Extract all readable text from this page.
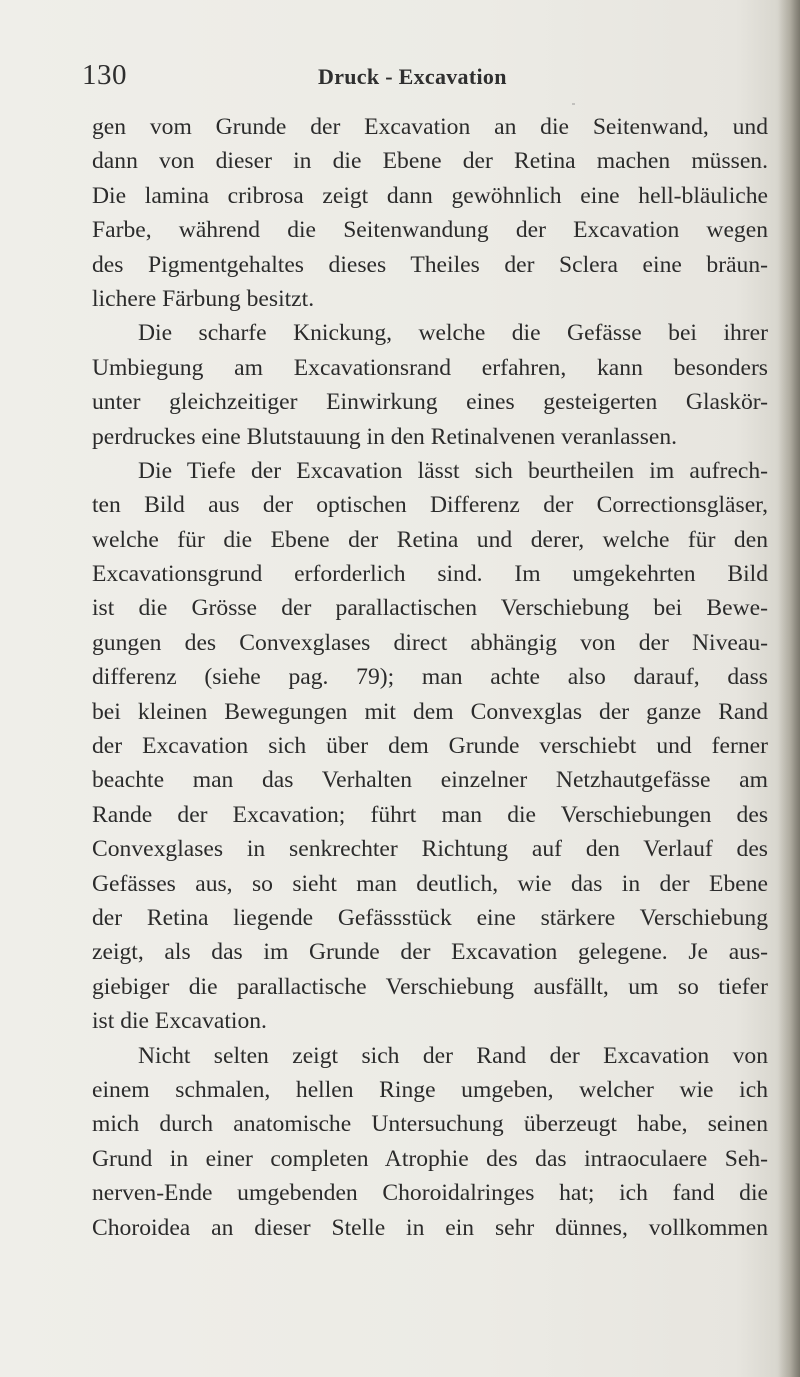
130	Druck - Excavation
gen vom Grunde der Excavation an die Seitenwand, und
dann von dieser in die Ebene der Retina machen müssen.
Die lamina cribrosa zeigt dann gewöhnlich eine hell-bläuliche
Farbe, während die Seitenwandung der Excavation wegen
des Pigmentgehaltes dieses Theiles der Sclera eine bräun-
lichere Färbung besitzt.
Die scharfe Knickung, welche die Gefässe bei ihrer
Umbiegung am Excavationsrand erfahren, kann besonders
unter gleichzeitiger Einwirkung eines gesteigerten Glaskör-
perdruckes eine Blutstauung in den Retinalvenen veranlassen.
Die Tiefe der Excavation lässt sich beurtheilen im aufrech-
ten Bild aus der optischen Differenz der Correctionsgläser,
welche für die Ebene der Retina und derer, welche für den
Excavationsgrund erforderlich sind. Im umgekehrten Bild
ist die Grösse der parallactischen Verschiebung bei Bewe-
gungen des Convexglases direct abhängig von der Niveau-
differenz (siehe pag. 79); man achte also darauf, dass
bei kleinen Bewegungen mit dem Convexglas der ganze Rand
der Excavation sich über dem Grunde verschiebt und ferner
beachte man das Verhalten einzelner Netzhautgefässe am
Rande der Excavation; führt man die Verschiebungen des
Convexglases in senkrechter Richtung auf den Verlauf des
Gefässes aus, so sieht man deutlich, wie das in der Ebene
der Retina liegende Gefässstück eine stärkere Verschiebung
zeigt, als das im Grunde der Excavation gelegene. Je aus-
giebiger die parallactische Verschiebung ausfällt, um so tiefer
ist die Excavation.
Nicht selten zeigt sich der Rand der Excavation von
einem schmalen, hellen Ringe umgeben, welcher wie ich
mich durch anatomische Untersuchung überzeugt habe, seinen
Grund in einer completen Atrophie des das intraoculaere Seh-
nerven-Ende umgebenden Choroidalringes hat; ich fand die
Choroidea an dieser Stelle in ein sehr dünnes, vollkommen
